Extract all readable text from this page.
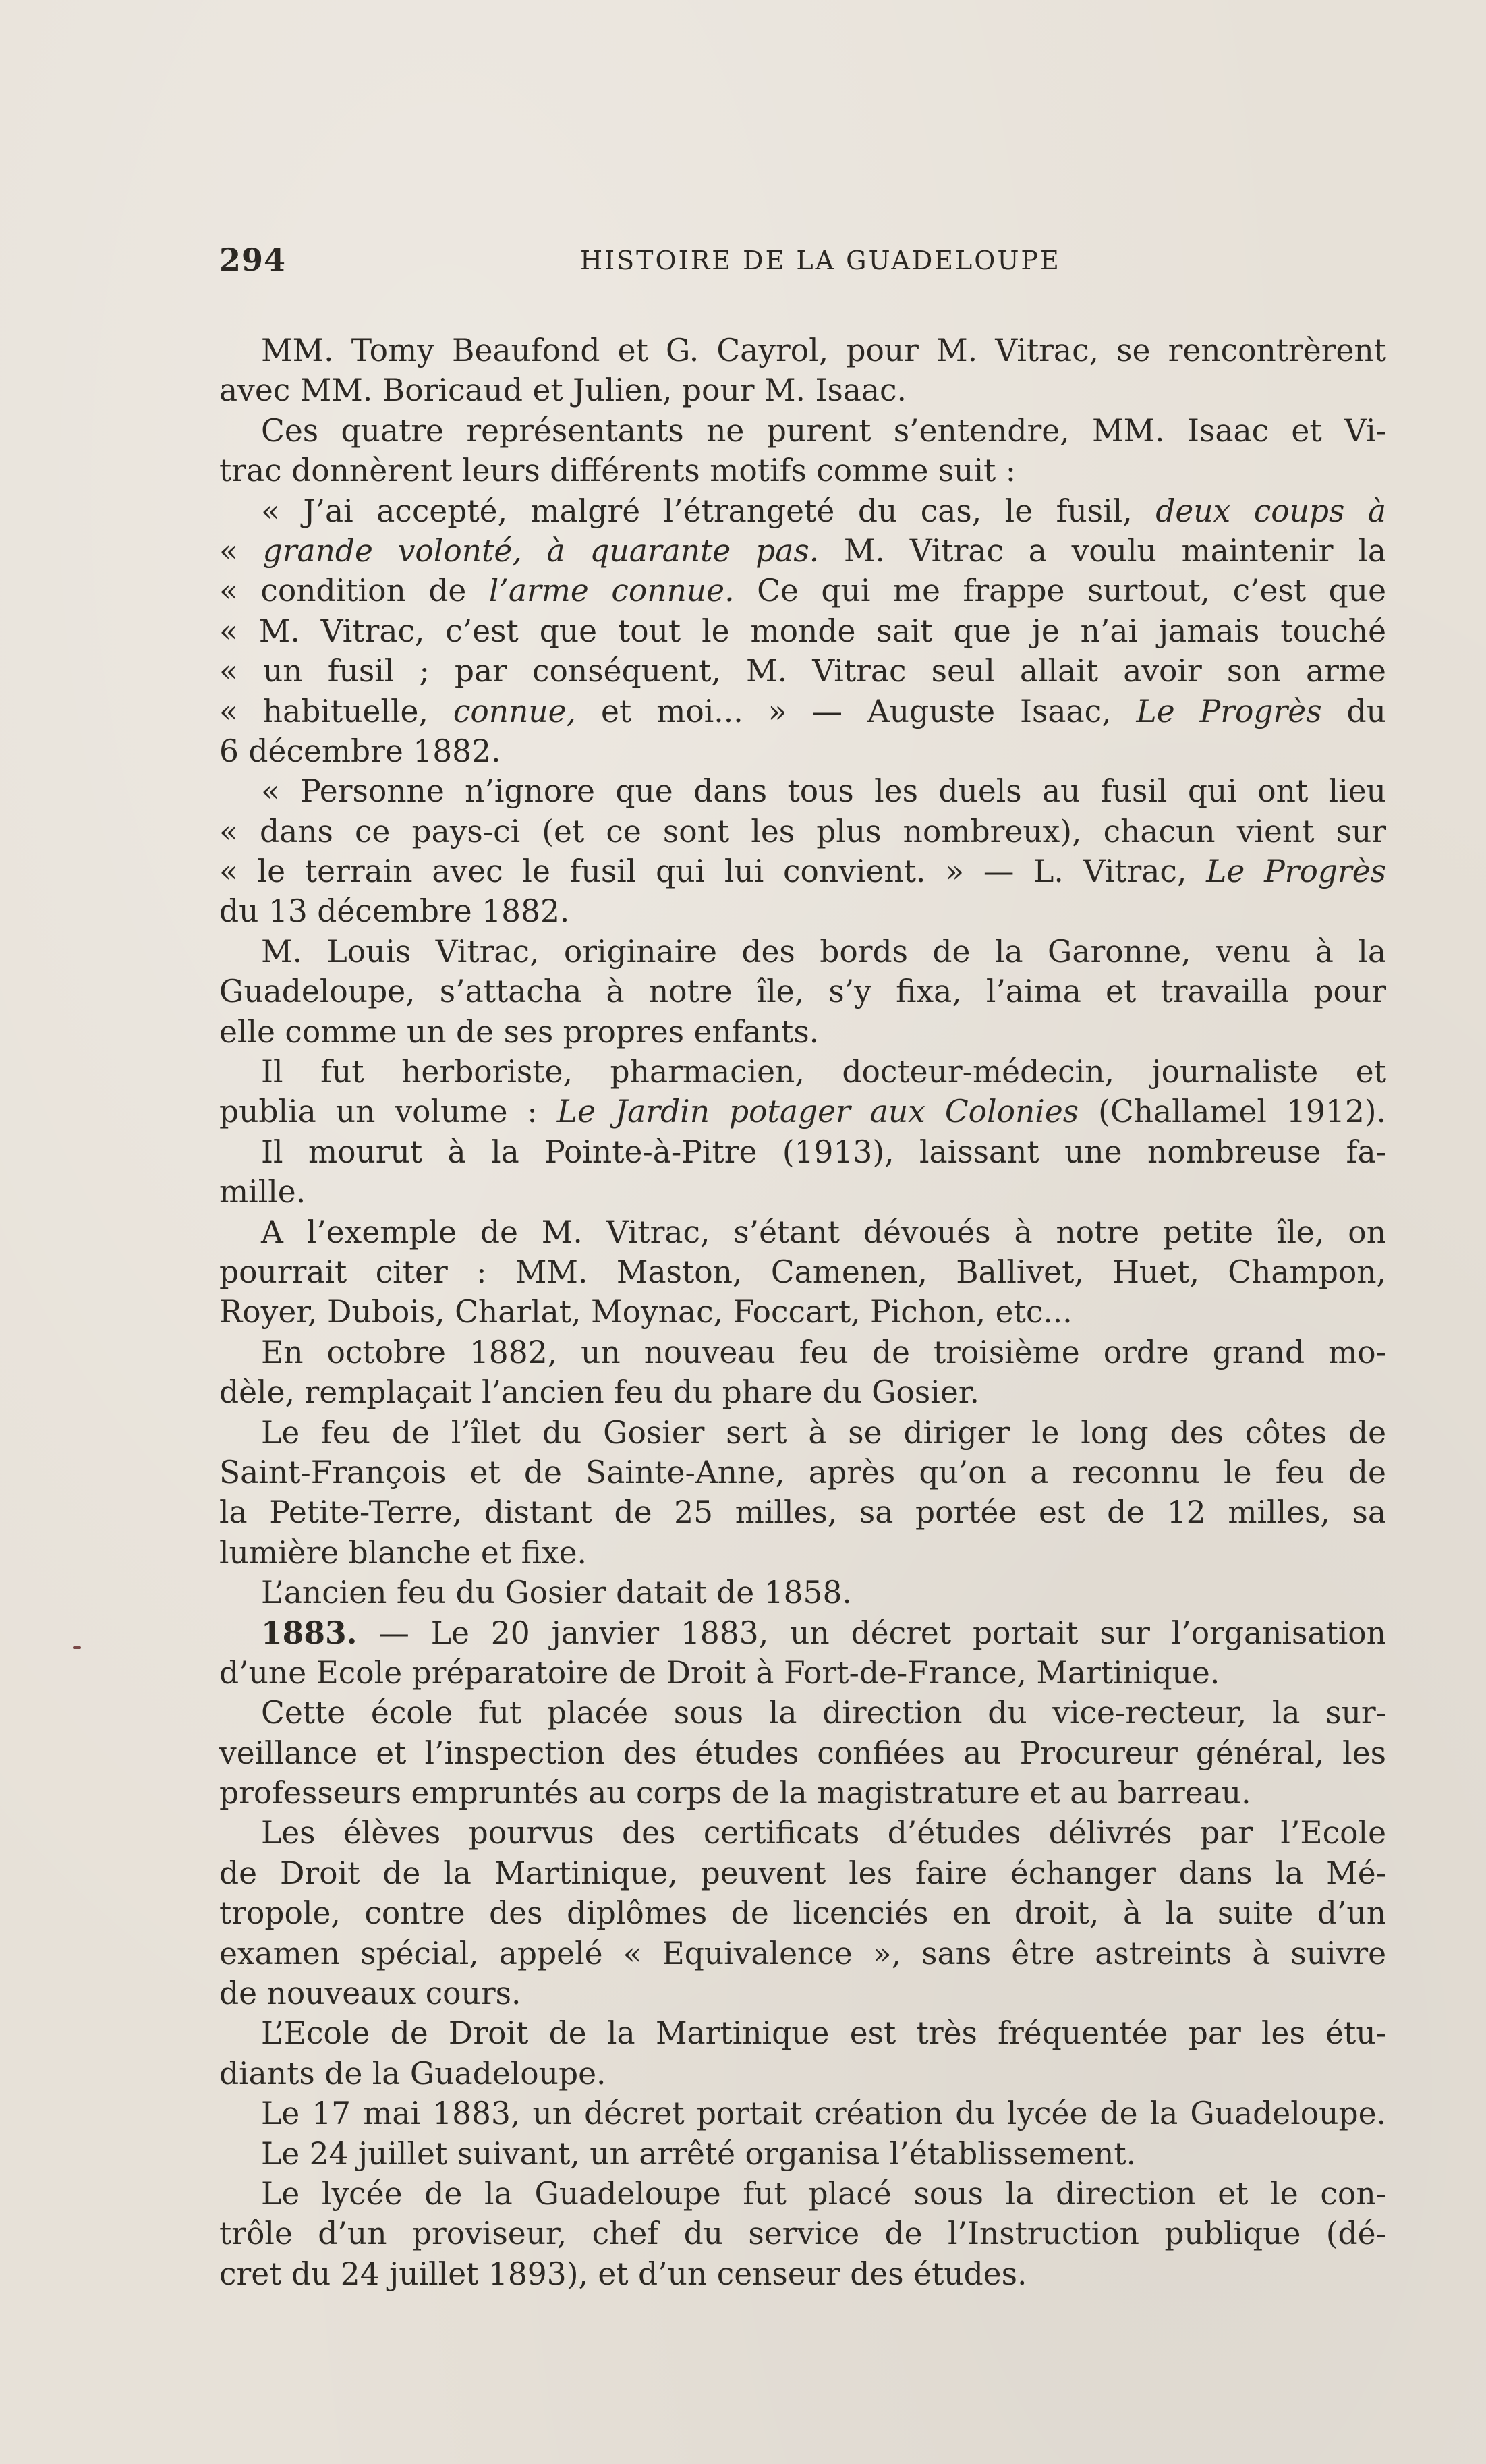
294	HISTOIRE DE LA GUADELOUPE
MM. Tomy Beaufond et G. Cayrol, pour M. Vitrac, se rencontrèrent
avec MM. Boricaud et Julien, pour M. Isaac.
Ces quatre représentants ne purent s’entendre, MM. Isaac et Vi-
trac donnèrent leurs différents motifs comme suit :
« J’ai accepté, malgré l’étrangeté du cas, le fusil, deux coups à
« grande volonté, à quarante pas. M. Vitrac a voulu maintenir la
« condition de l’arme connue. Ce qui me frappe surtout, c’est que
« M. Vitrac, c’est que tout le monde sait que je n’ai jamais touché
« un fusil ; par conséquent, M. Vitrac seul allait avoir son arme
« habituelle, connue, et moi... » — Auguste Isaac, Le Progrès du
6 décembre 1882.
« Personne n’ignore que dans tous les duels au fusil qui ont lieu
« dans ce pays-ci (et ce sont les plus nombreux), chacun vient sur
« le terrain avec le fusil qui lui convient. » — L. Vitrac, Le Progrès
du 13 décembre 1882.
M. Louis Vitrac, originaire des bords de la Garonne, venu à la
Guadeloupe, s’attacha à notre île, s’y fixa, l’aima et travailla pour
elle comme un de ses propres enfants.
Il fut herboriste, pharmacien, docteur-médecin, journaliste et
publia un volume : Le Jardin potager aux Colonies (Challamel 1912).
Il mourut à la Pointe-à-Pitre (1913), laissant une nombreuse fa-
mille.
A l’exemple de M. Vitrac, s’étant dévoués à notre petite île, on
pourrait citer : MM. Maston, Camenen, Ballivet, Huet, Champon,
Royer, Dubois, Charlat, Moynac, Foccart, Pichon, etc...
En octobre 1882, un nouveau feu de troisième ordre grand mo-
dèle, remplaçait l’ancien feu du phare du Gosier.
Le feu de l’îlet du Gosier sert à se diriger le long des côtes de
Saint-François et de Sainte-Anne, après qu’on a reconnu le feu de
la Petite-Terre, distant de 25 milles, sa portée est de 12 milles, sa
lumière blanche et fixe.
L’ancien feu du Gosier datait de 1858.
1883. — Le 20 janvier 1883, un décret portait sur l’organisation
d’une Ecole préparatoire de Droit à Fort-de-France, Martinique.
Cette école fut placée sous la direction du vice-recteur, la sur-
veillance et l’inspection des études confiées au Procureur général, les
professeurs empruntés au corps de la magistrature et au barreau.
Les élèves pourvus des certificats d’études délivrés par l’Ecole
de Droit de la Martinique, peuvent les faire échanger dans la Mé-
tropole, contre des diplômes de licenciés en droit, à la suite d’un
examen spécial, appelé « Equivalence », sans être astreints à suivre
de nouveaux cours.
L’Ecole de Droit de la Martinique est très fréquentée par les étu-
diants de la Guadeloupe.
Le 17 mai 1883, un décret portait création du lycée de la Guadeloupe.
Le 24 juillet suivant, un arrêté organisa l’établissement.
Le lycée de la Guadeloupe fut placé sous la direction et le con-
trôle d’un proviseur, chef du service de l’Instruction publique (dé-
cret du 24 juillet 1893), et d’un censeur des études.
